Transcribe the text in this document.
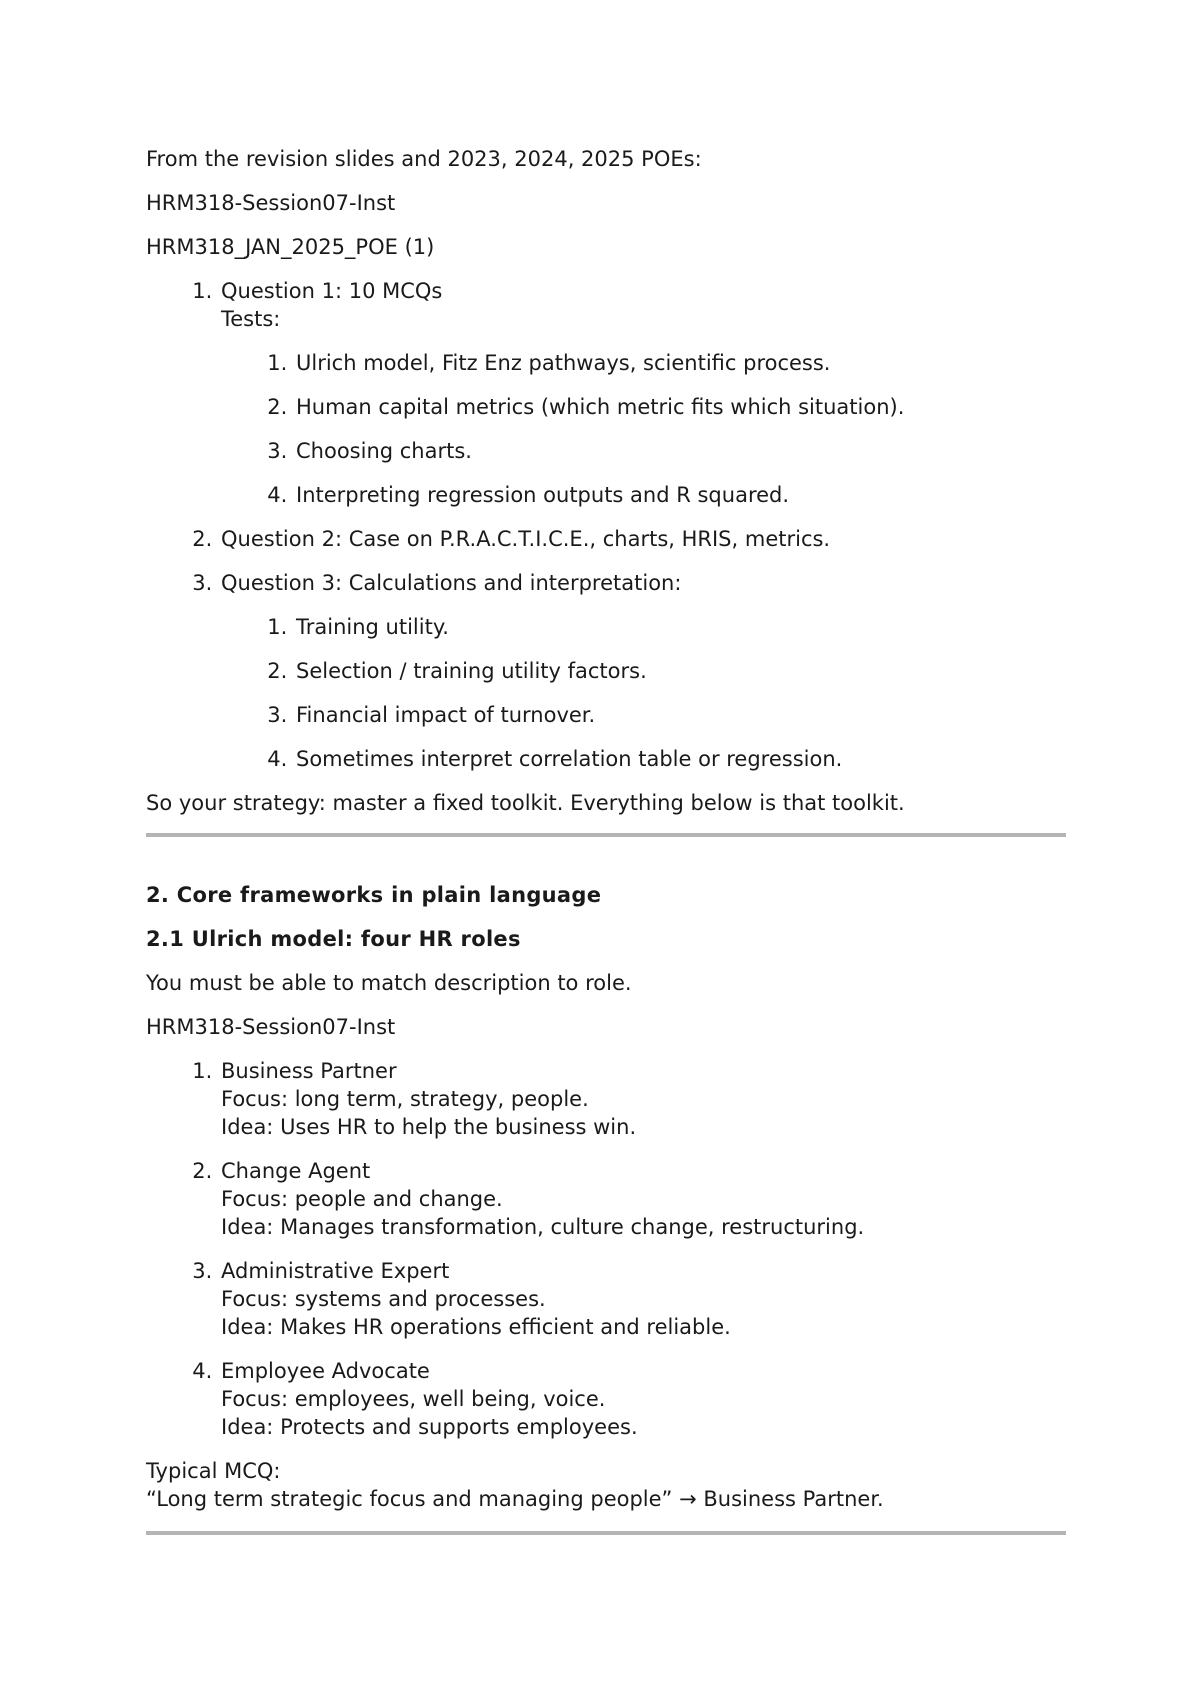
From the revision slides and 2023, 2024, 2025 POEs:

HRM318-Session07-Inst

HRM318_JAN_2025_POE (1)

1. Question 1: 10 MCQs
Tests:
1. Ulrich model, Fitz Enz pathways, scientific process.
2. Human capital metrics (which metric fits which situation).
3. Choosing charts.
4. Interpreting regression outputs and R squared.
2. Question 2: Case on P.R.A.C.T.I.C.E., charts, HRIS, metrics.
3. Question 3: Calculations and interpretation:
1. Training utility.
2. Selection / training utility factors.
3. Financial impact of turnover.
4. Sometimes interpret correlation table or regression.

So your strategy: master a fixed toolkit. Everything below is that toolkit.

2. Core frameworks in plain language
2.1 Ulrich model: four HR roles

You must be able to match description to role.

HRM318-Session07-Inst

1. Business Partner
Focus: long term, strategy, people.
Idea: Uses HR to help the business win.
2. Change Agent
Focus: people and change.
Idea: Manages transformation, culture change, restructuring.
3. Administrative Expert
Focus: systems and processes.
Idea: Makes HR operations efficient and reliable.
4. Employee Advocate
Focus: employees, well being, voice.
Idea: Protects and supports employees.

Typical MCQ:
“Long term strategic focus and managing people” → Business Partner.
